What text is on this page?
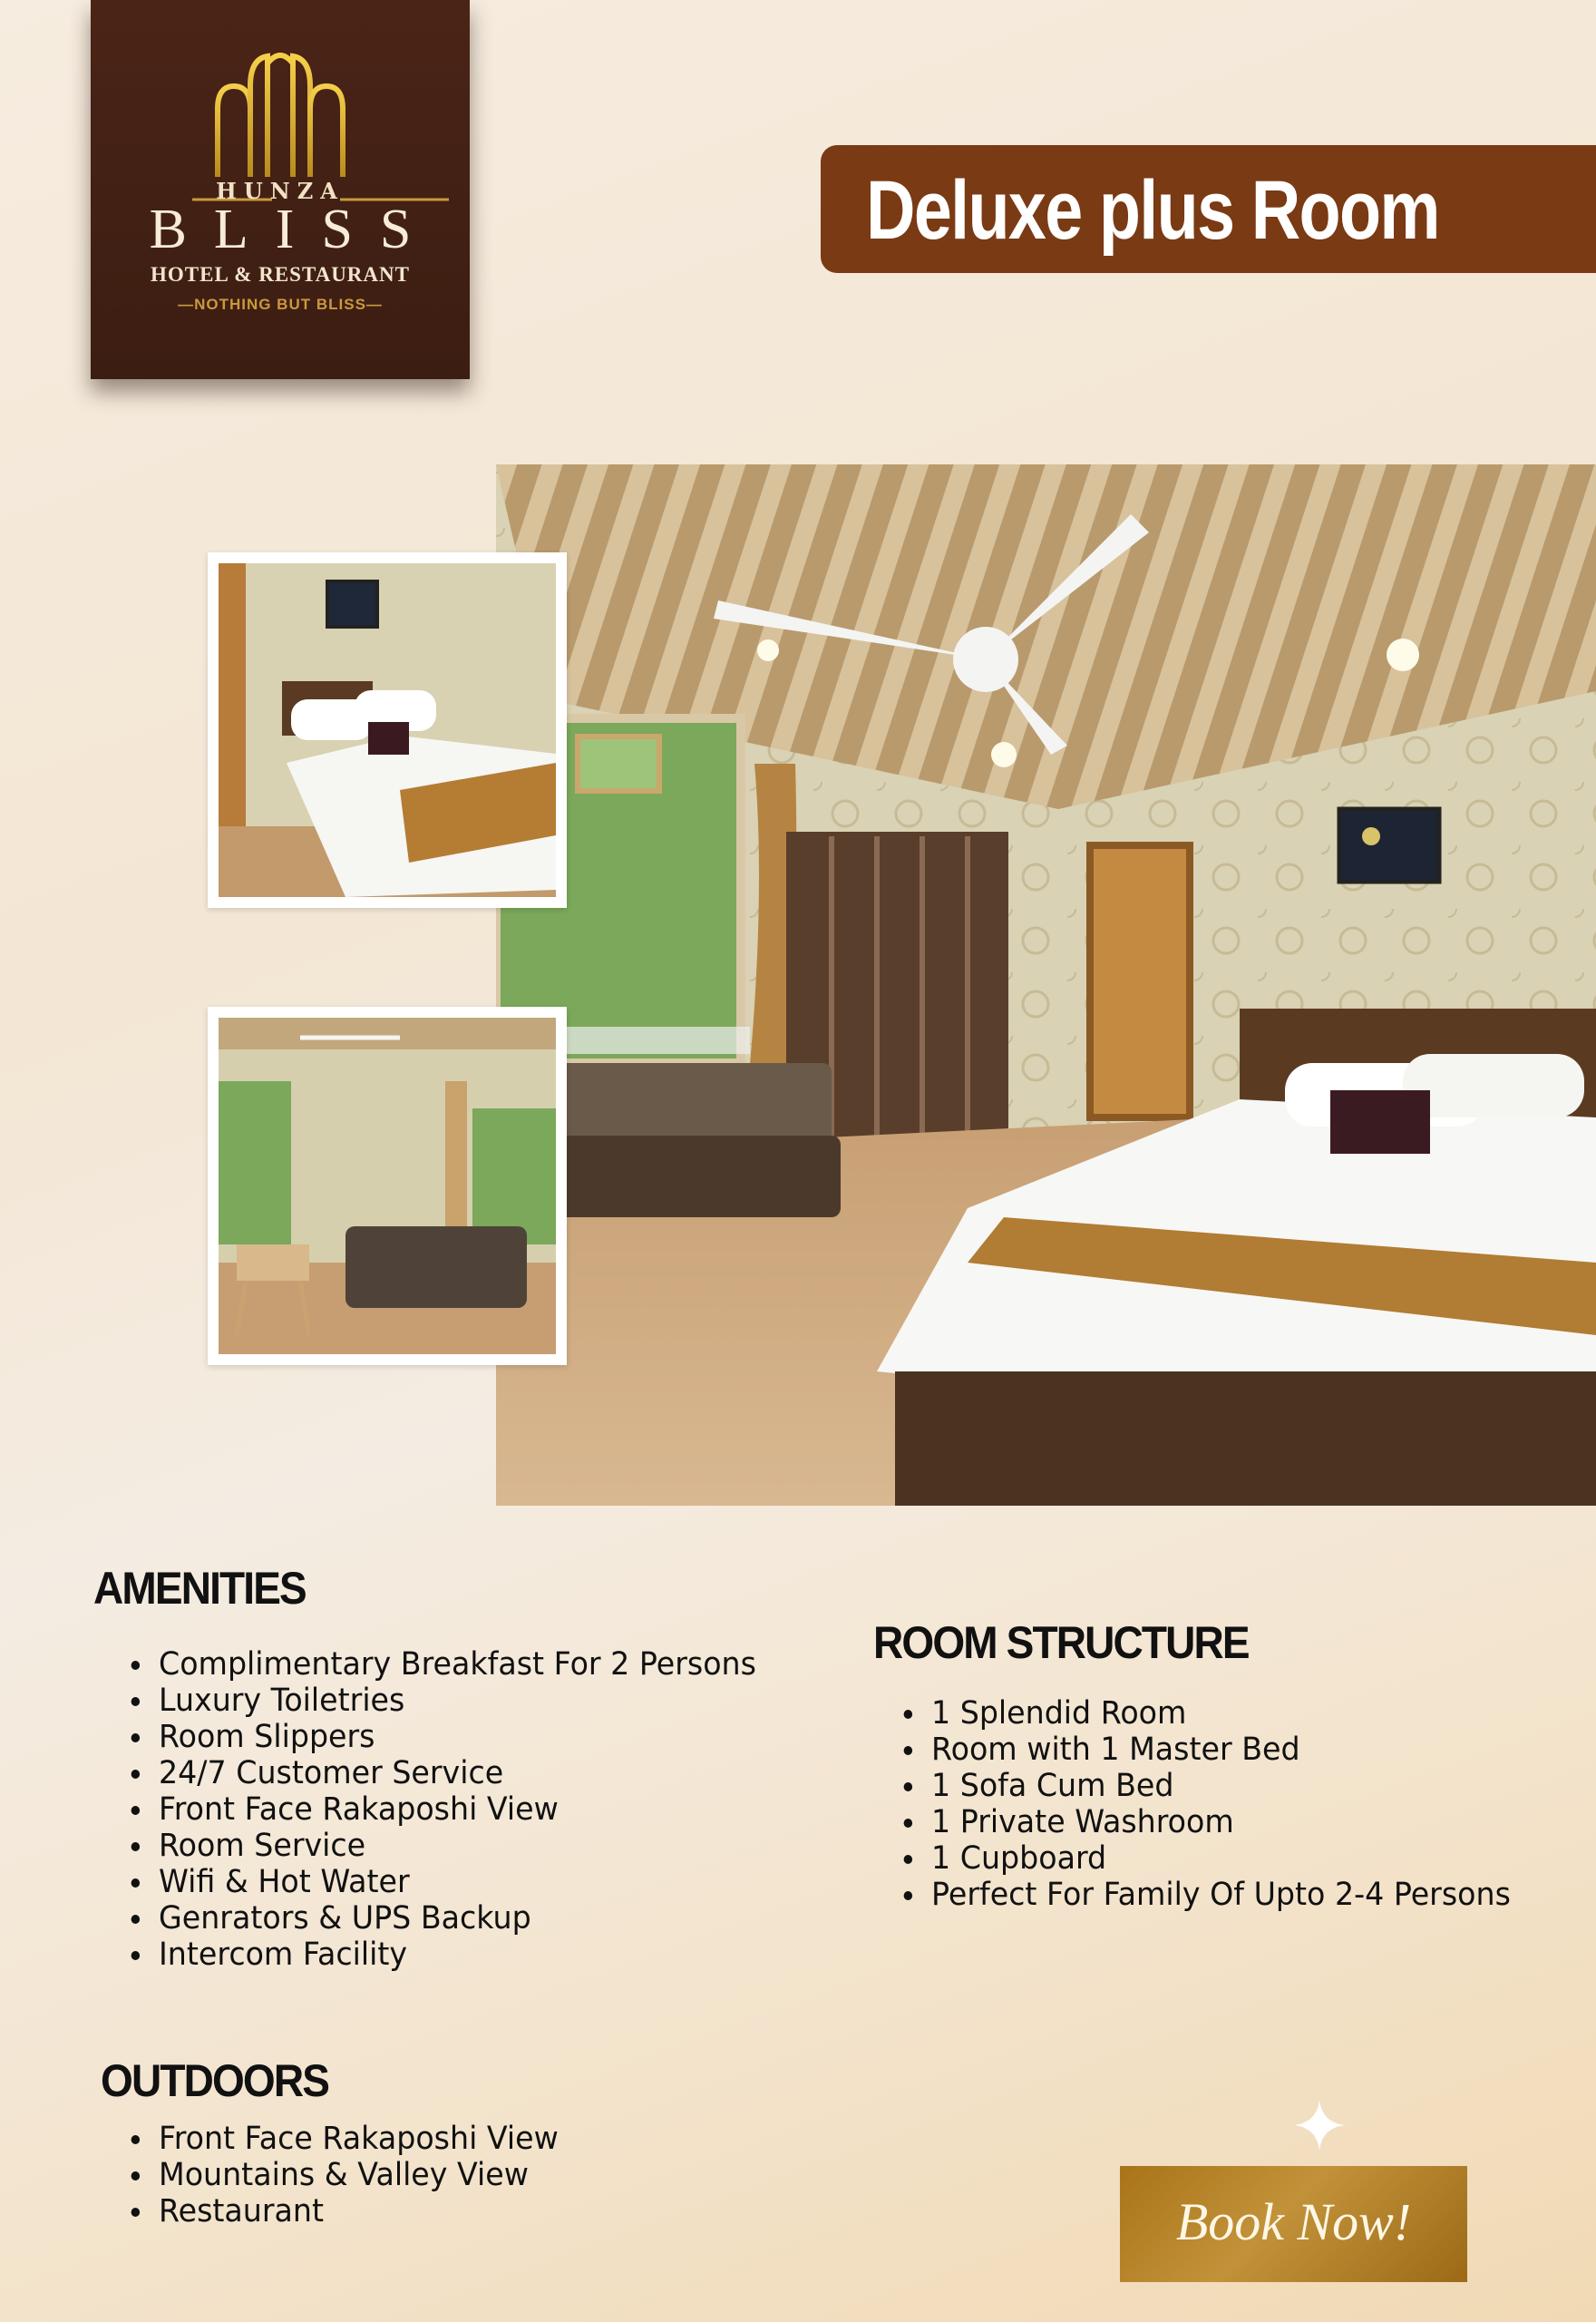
HUNZA
BLISS
HOTEL & RESTAURANT
—NOTHING BUT BLISS—
Deluxe plus Room
AMENITIES
Complimentary Breakfast For 2 Persons
Luxury Toiletries
Room Slippers
24/7 Customer Service
Front Face Rakaposhi View
Room Service
Wifi & Hot Water
Genrators & UPS Backup
Intercom Facility
ROOM STRUCTURE
1 Splendid Room
Room with 1 Master Bed
1 Sofa Cum Bed
1 Private Washroom
1 Cupboard
Perfect For Family Of Upto 2-4 Persons
OUTDOORS
Front Face Rakaposhi View
Mountains & Valley View
Restaurant	Book Now!
